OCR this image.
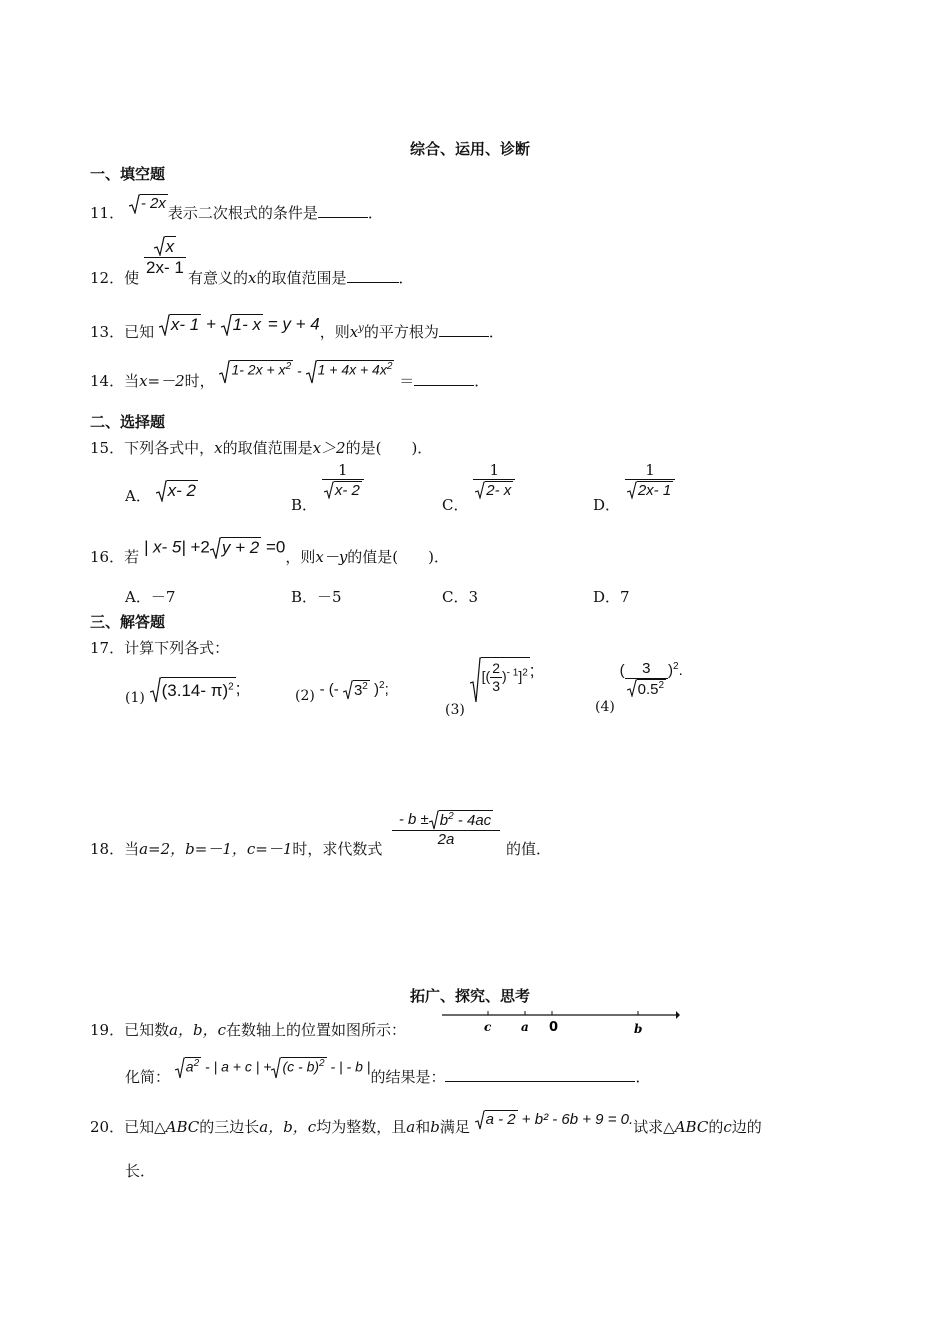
综合、运用、诊断
一、填空题
11．
- 2x
表示二次根式的条件是	．
12．使
$\frac{x}{2x- 1}$
有意义的x的取值范围是	．
13．已知 x- 1 + 1- x = y + 4，则$x^y$的平方根为	．
14．当x=－2时，
1- $2x + x^2 - 1 + 4x + 4x^2$
＝	．
二、选择题
15．下列各式中，x的取值范围是x＞2的是(　　)．
A． x- 2
B．
$\frac{1}{x- 2}$
C．
$\frac{1}{2- x}$
D．
$\frac{1}{2x- 1}$
16．若 | x- 5| +2 y + 2 =0，则x－y的值是(　　)．
A．－7	B．－5	C．3	D．7
三、解答题
17．计算下列各式：
(1) (3.14- π)$^2$ ;	(2) - (- $3^2$ )$^2$;
(3)
[( $\frac{2}{3} )^{- 1}]^2$ ;
(4) ( $\frac{3}{0.5^2} )^2$.
18．当a=2，b=－1，c=－1时，求代数式 $\frac{- b \pm b^2 - 4ac}{2a}$ 的值．
拓广、探究、思考
19．已知数a，b，c在数轴上的位置如图所示：	c a 0	b
化简：
$a^2$ - | a + c | + (c - b)$^2$ - | - b |的结果是：	．
20．已知△ABC的三边长a，b，c均为整数，且a和b满足 a - 2 + b² - 6b + 9 = 0.试求△ABC的c边的
长．
